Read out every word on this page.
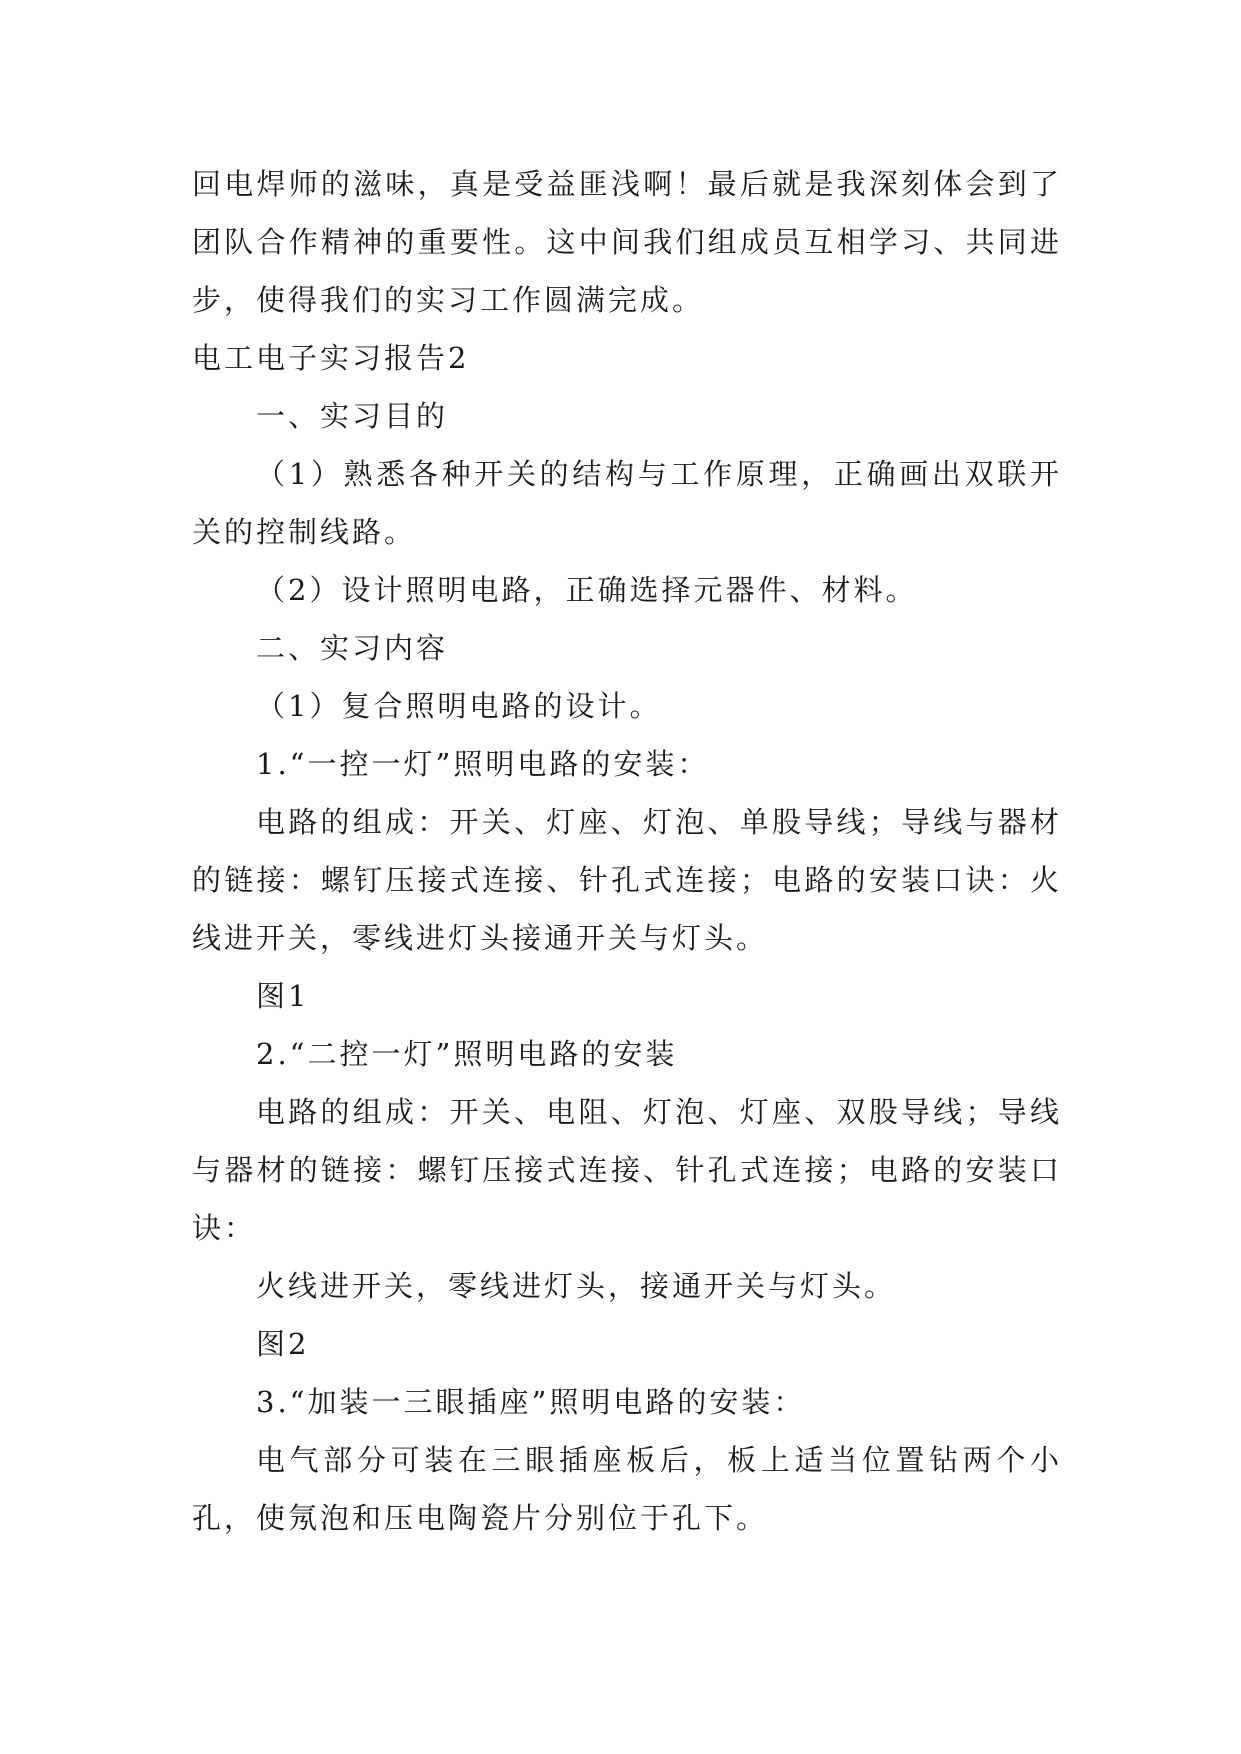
回电焊师的滋味，真是受益匪浅啊！最后就是我深刻体会到了团队合作精神的重要性。这中间我们组成员互相学习、共同进步，使得我们的实习工作圆满完成。

电工电子实习报告2

一、实习目的

（1）熟悉各种开关的结构与工作原理，正确画出双联开关的控制线路。

（2）设计照明电路，正确选择元器件、材料。

二、实习内容

（1）复合照明电路的设计。

1.“一控一灯”照明电路的安装：

电路的组成：开关、灯座、灯泡、单股导线；导线与器材的链接：螺钉压接式连接、针孔式连接；电路的安装口诀：火线进开关，零线进灯头接通开关与灯头。

图1

2.“二控一灯”照明电路的安装

电路的组成：开关、电阻、灯泡、灯座、双股导线；导线与器材的链接：螺钉压接式连接、针孔式连接；电路的安装口诀：

火线进开关，零线进灯头，接通开关与灯头。

图2

3.“加装一三眼插座”照明电路的安装：

电气部分可装在三眼插座板后，板上适当位置钻两个小孔，使氖泡和压电陶瓷片分别位于孔下。
